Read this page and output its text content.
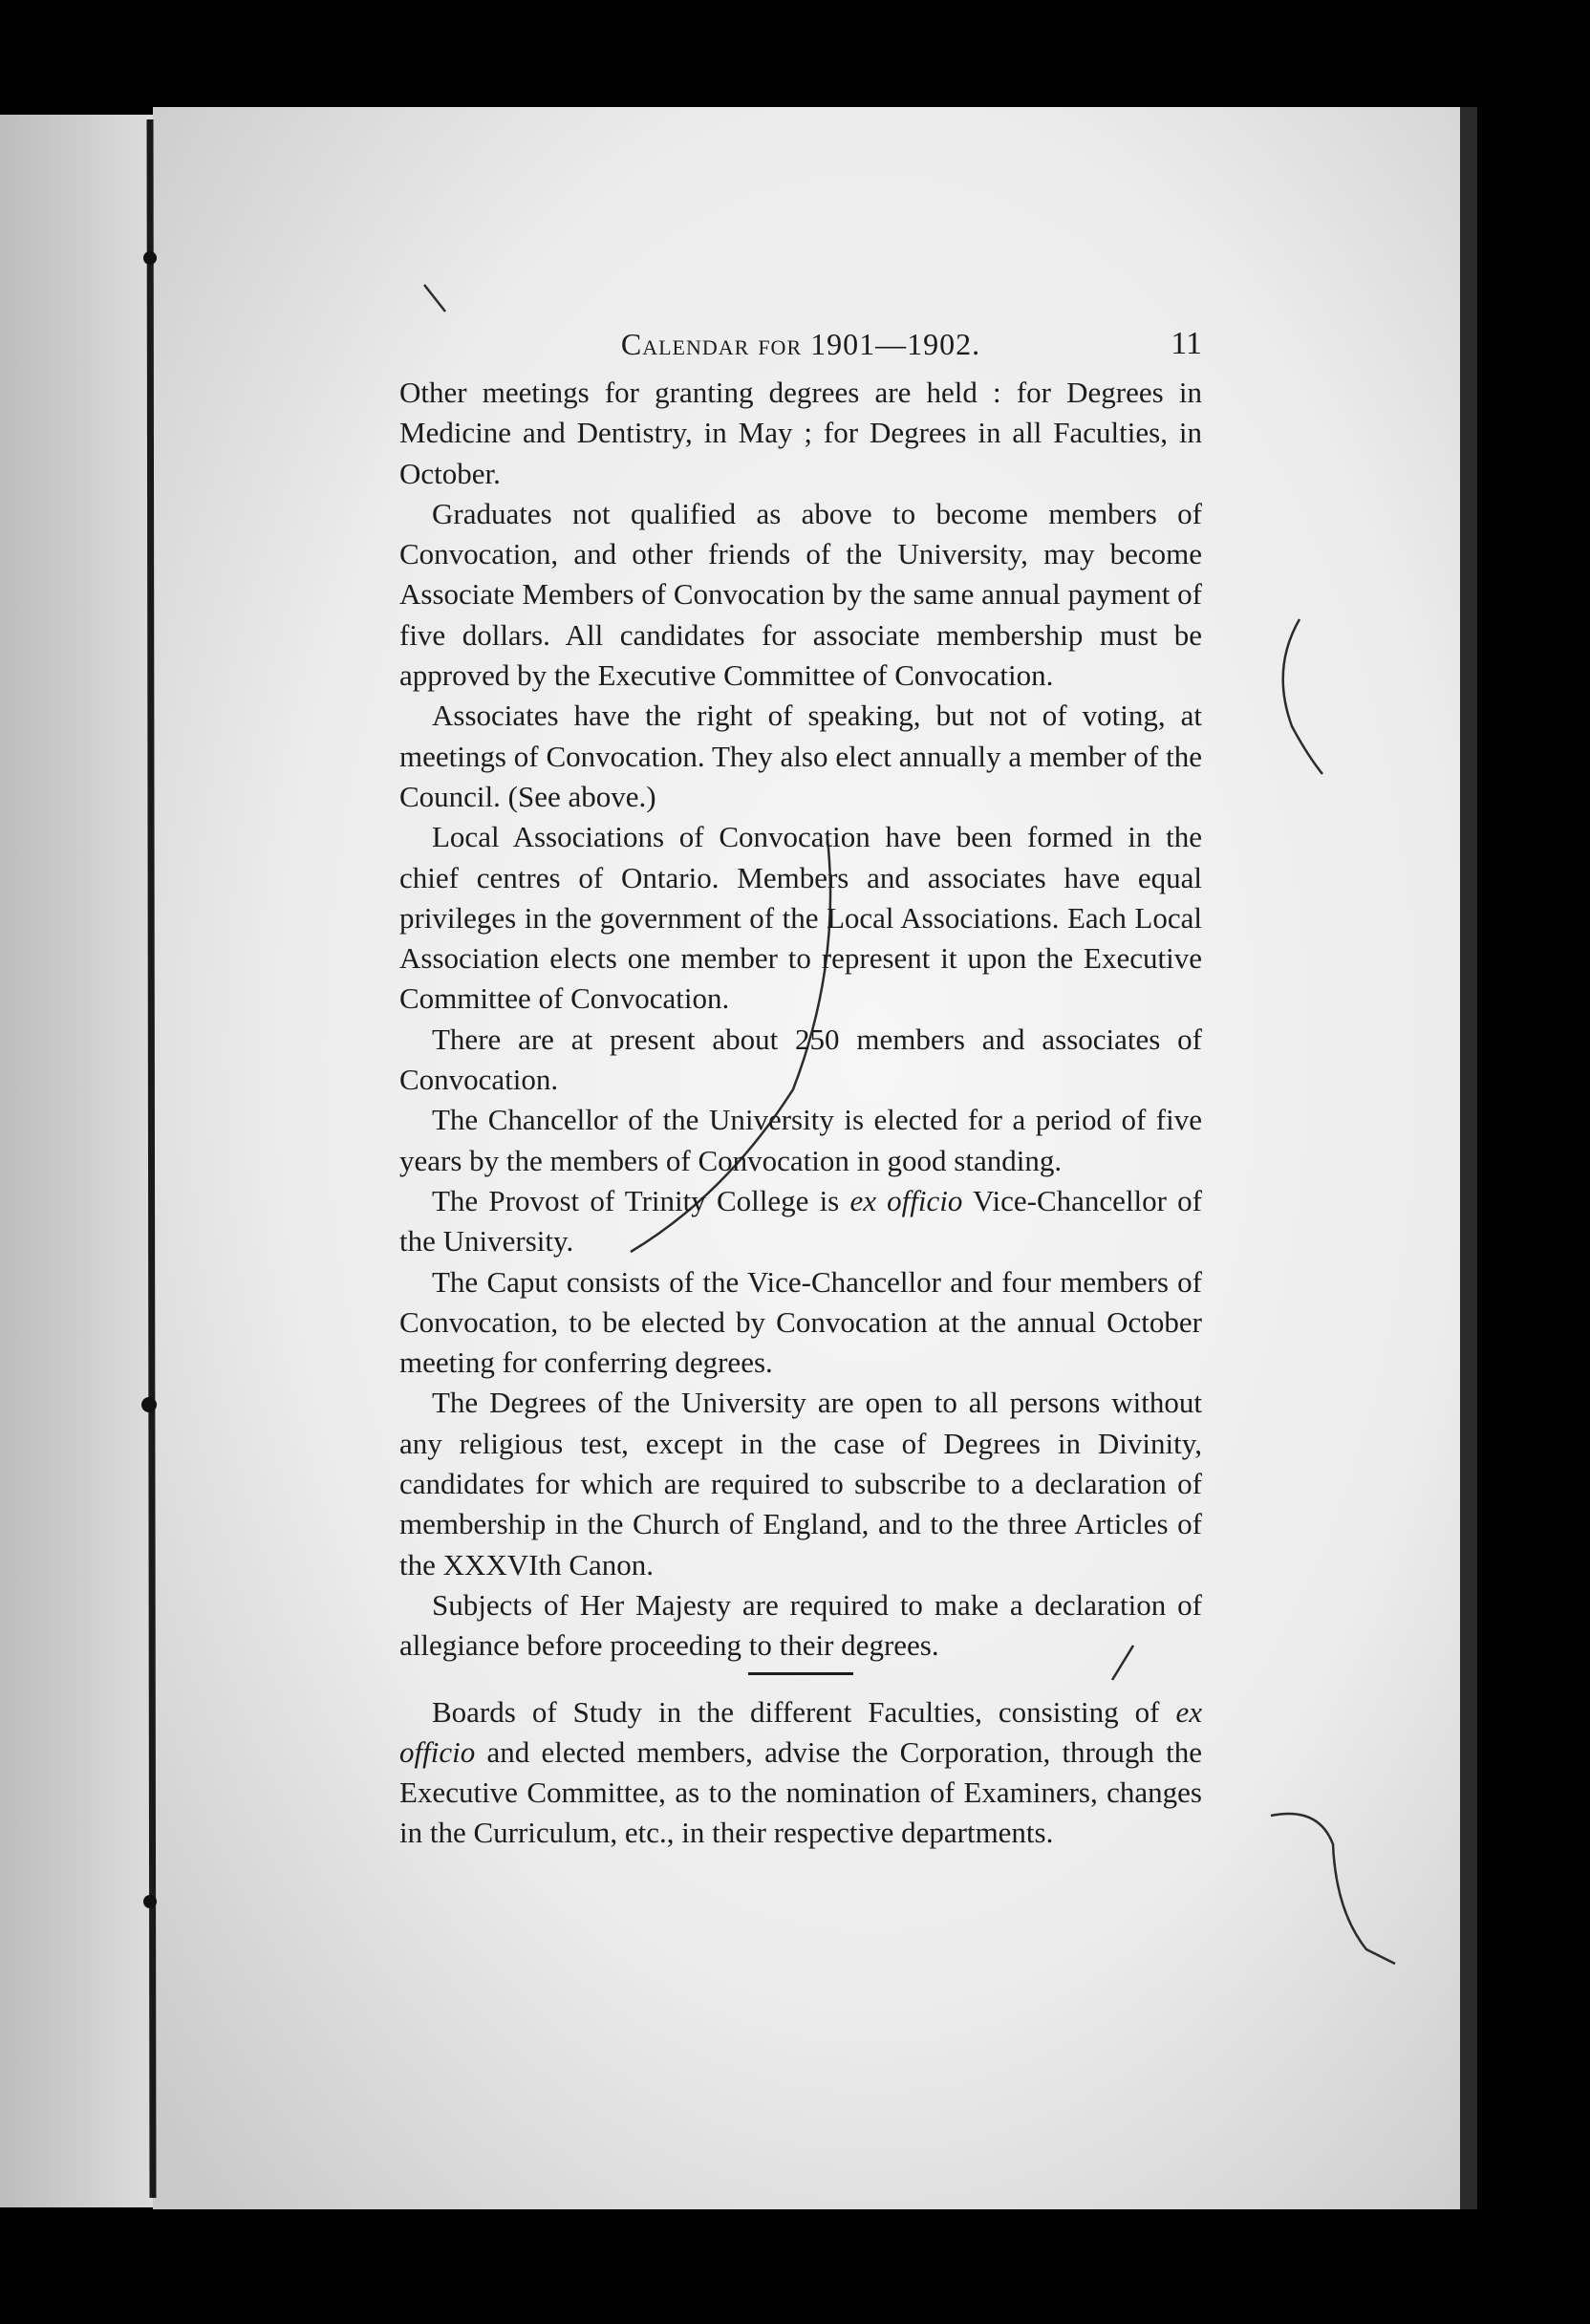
Calendar for 1901—1902.	11

Other meetings for granting degrees are held : for Degrees in Medicine and Dentistry, in May ; for Degrees in all Faculties, in October.

Graduates not qualified as above to become members of Convocation, and other friends of the University, may become Associate Members of Convocation by the same annual payment of five dollars. All candidates for associate membership must be approved by the Executive Committee of Convocation.

Associates have the right of speaking, but not of voting, at meetings of Convocation. They also elect annually a member of the Council. (See above.)

Local Associations of Convocation have been formed in the chief centres of Ontario. Members and associates have equal privileges in the government of the Local Associations. Each Local Association elects one member to represent it upon the Executive Committee of Convocation.

There are at present about 250 members and associates of Convocation.

The Chancellor of the University is elected for a period of five years by the members of Convocation in good standing.

The Provost of Trinity College is ex officio Vice-Chancellor of the University.

The Caput consists of the Vice-Chancellor and four members of Convocation, to be elected by Convocation at the annual October meeting for conferring degrees.

The Degrees of the University are open to all persons without any religious test, except in the case of Degrees in Divinity, candidates for which are required to subscribe to a declaration of membership in the Church of England, and to the three Articles of the XXXVIth Canon.

Subjects of Her Majesty are required to make a declaration of allegiance before proceeding to their degrees.

Boards of Study in the different Faculties, consisting of ex officio and elected members, advise the Corporation, through the Executive Committee, as to the nomination of Examiners, changes in the Curriculum, etc., in their respective departments.
